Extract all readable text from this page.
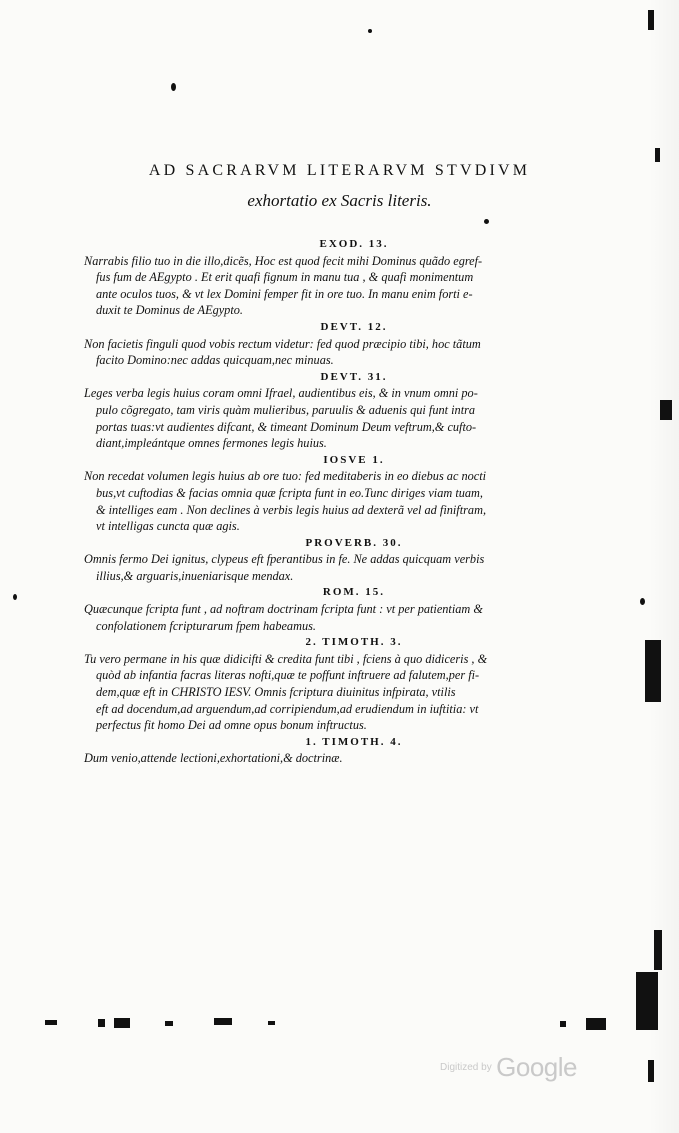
AD SACRARVM LITERARVM STVDIVM
exhortatio ex Sacris literis.
EXOD. 13.
Narrabis filio tuo in die illo,dicẽs, Hoc est quod fecit mihi Dominus quãdo egref-
fus fum de AEgypto . Et erit quafi fignum in manu tua , & quafi monimentum
ante oculos tuos, & vt lex Domini femper fit in ore tuo. In manu enim forti e-
duxit te Dominus de AEgypto.
DEVT. 12.
Non facietis finguli quod vobis rectum videtur: fed quod præcipio tibi, hoc tãtum
facito Domino:nec addas quicquam,nec minuas.
DEVT. 31.
Leges verba legis huius coram omni Ifrael, audientibus eis, & in vnum omni po-
pulo cõgregato, tam viris quàm mulieribus, paruulis & aduenis qui funt intra
portas tuas:vt audientes difcant, & timeant Dominum Deum veftrum,& cufto-
diant,impleántque omnes fermones legis huius.
IOSVE 1.
Non recedat volumen legis huius ab ore tuo: fed meditaberis in eo diebus ac nocti
bus,vt cuftodias & facias omnia quæ fcripta funt in eo.Tunc diriges viam tuam,
& intelliges eam . Non declines à verbis legis huius ad dexterã vel ad finiftram,
vt intelligas cuncta quæ agis.
PROVERB. 30.
Omnis fermo Dei ignitus, clypeus eft fperantibus in fe. Ne addas quicquam verbis
illius,& arguaris,inueniarisque mendax.
ROM. 15.
Quæcunque fcripta funt , ad noftram doctrinam fcripta funt : vt per patientiam &
confolationem fcripturarum fpem habeamus.
2. TIMOTH. 3.
Tu vero permane in his quæ didicifti & credita funt tibi , fciens à quo didiceris , &
quòd ab infantia facras literas nofti,quæ te poffunt inftruere ad falutem,per fi-
dem,quæ eft in CHRISTO IESV. Omnis fcriptura diuinitus infpirata, vtilis
eft ad docendum,ad arguendum,ad corripiendum,ad erudiendum in iuftitia: vt
perfectus fit homo Dei ad omne opus bonum inftructus.
1. TIMOTH. 4.
Dum venio,attende lectioni,exhortationi,& doctrinæ.
Digitized by Google
